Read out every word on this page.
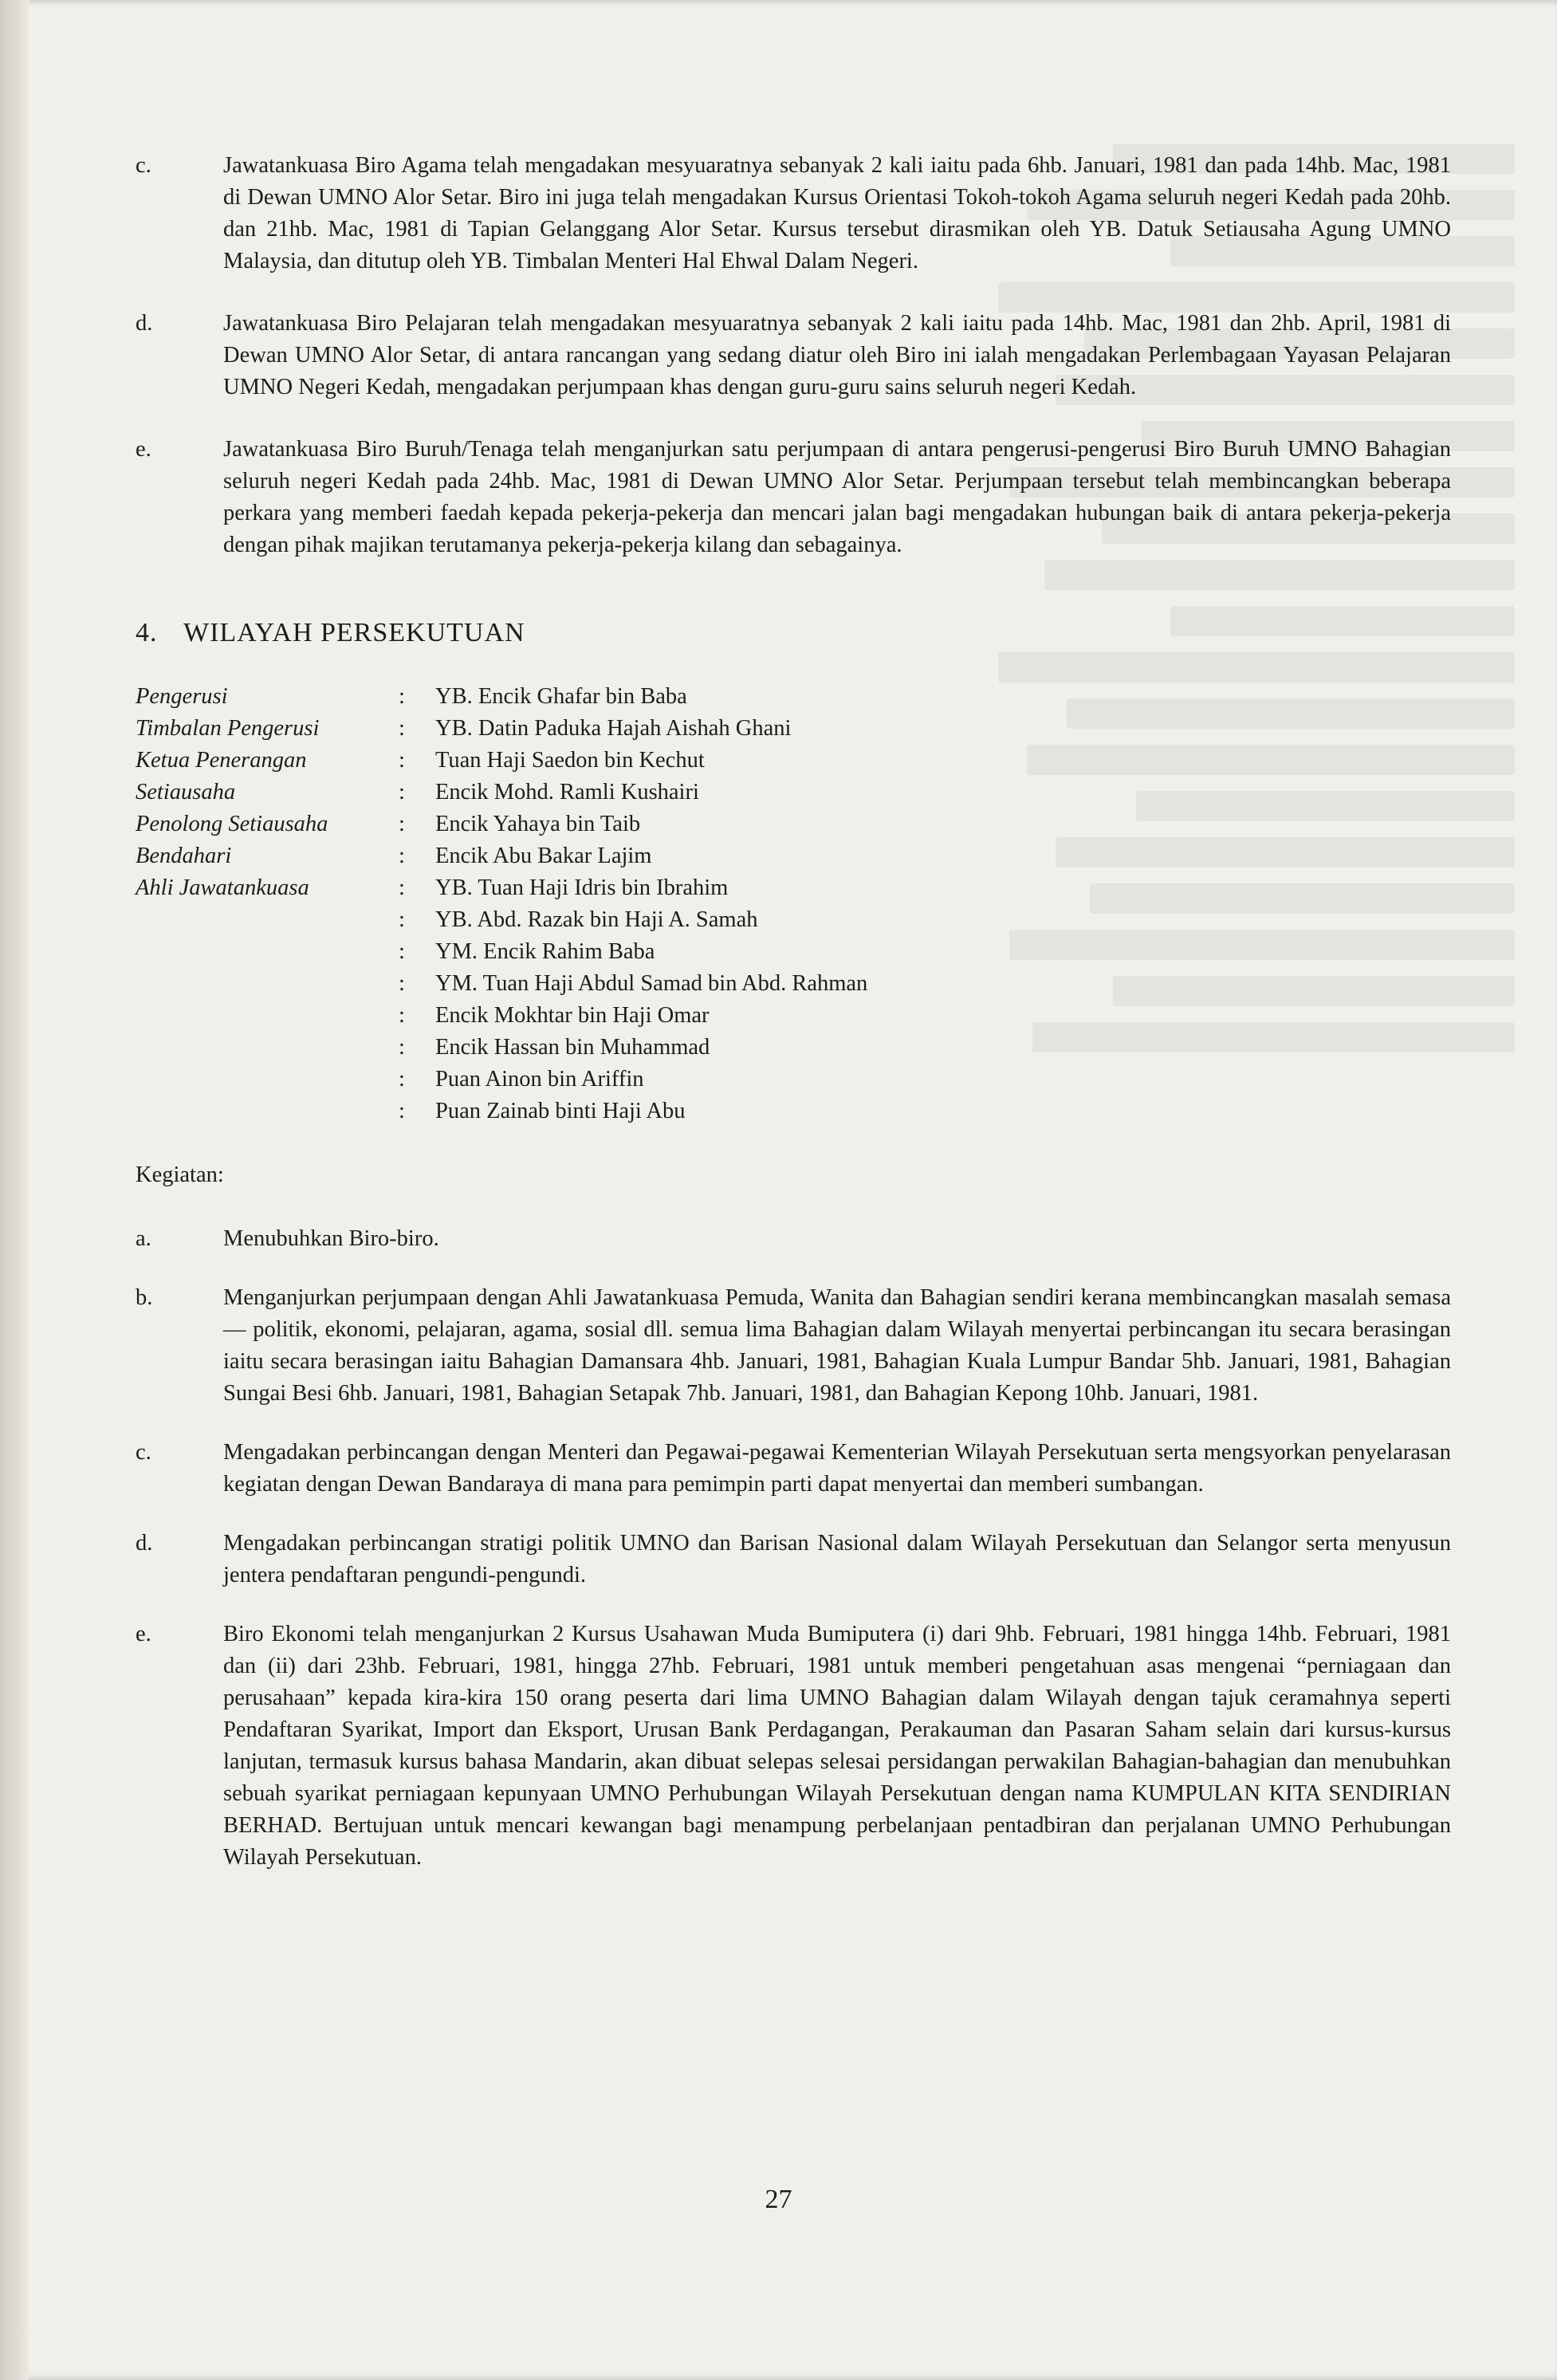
c.	Jawatankuasa Biro Agama telah mengadakan mesyuaratnya sebanyak 2 kali iaitu pada 6hb. Januari, 1981 dan pada 14hb. Mac, 1981 di Dewan UMNO Alor Setar. Biro ini juga telah mengadakan Kursus Orientasi Tokoh-tokoh Agama seluruh negeri Kedah pada 20hb. dan 21hb. Mac, 1981 di Tapian Gelanggang Alor Setar. Kursus tersebut dirasmikan oleh YB. Datuk Setiausaha Agung UMNO Malaysia, dan ditutup oleh YB. Timbalan Menteri Hal Ehwal Dalam Negeri.
d.	Jawatankuasa Biro Pelajaran telah mengadakan mesyuaratnya sebanyak 2 kali iaitu pada 14hb. Mac, 1981 dan 2hb. April, 1981 di Dewan UMNO Alor Setar, di antara rancangan yang sedang diatur oleh Biro ini ialah mengadakan Perlembagaan Yayasan Pelajaran UMNO Negeri Kedah, mengadakan perjumpaan khas dengan guru-guru sains seluruh negeri Kedah.
e.	Jawatankuasa Biro Buruh/Tenaga telah menganjurkan satu perjumpaan di antara pengerusi-pengerusi Biro Buruh UMNO Bahagian seluruh negeri Kedah pada 24hb. Mac, 1981 di Dewan UMNO Alor Setar. Perjumpaan tersebut telah membincangkan beberapa perkara yang memberi faedah kepada pekerja-pekerja dan mencari jalan bagi mengadakan hubungan baik di antara pekerja-pekerja dengan pihak majikan terutamanya pekerja-pekerja kilang dan sebagainya.
4. WILAYAH PERSEKUTUAN
Pengerusi	:	YB. Encik Ghafar bin Baba
Timbalan Pengerusi	:	YB. Datin Paduka Hajah Aishah Ghani
Ketua Penerangan	:	Tuan Haji Saedon bin Kechut
Setiausaha	:	Encik Mohd. Ramli Kushairi
Penolong Setiausaha	:	Encik Yahaya bin Taib
Bendahari	:	Encik Abu Bakar Lajim
Ahli Jawatankuasa	:	YB. Tuan Haji Idris bin Ibrahim
:	YB. Abd. Razak bin Haji A. Samah
:	YM. Encik Rahim Baba
:	YM. Tuan Haji Abdul Samad bin Abd. Rahman
:	Encik Mokhtar bin Haji Omar
:	Encik Hassan bin Muhammad
:	Puan Ainon bin Ariffin
:	Puan Zainab binti Haji Abu
Kegiatan:
a.	Menubuhkan Biro-biro.
b.	Menganjurkan perjumpaan dengan Ahli Jawatankuasa Pemuda, Wanita dan Bahagian sendiri kerana membincangkan masalah semasa — politik, ekonomi, pelajaran, agama, sosial dll. semua lima Bahagian dalam Wilayah menyertai perbincangan itu secara berasingan iaitu secara berasingan iaitu Bahagian Damansara 4hb. Januari, 1981, Bahagian Kuala Lumpur Bandar 5hb. Januari, 1981, Bahagian Sungai Besi 6hb. Januari, 1981, Bahagian Setapak 7hb. Januari, 1981, dan Bahagian Kepong 10hb. Januari, 1981.
c.	Mengadakan perbincangan dengan Menteri dan Pegawai-pegawai Kementerian Wilayah Persekutuan serta mengsyorkan penyelarasan kegiatan dengan Dewan Bandaraya di mana para pemimpin parti dapat menyertai dan memberi sumbangan.
d.	Mengadakan perbincangan stratigi politik UMNO dan Barisan Nasional dalam Wilayah Persekutuan dan Selangor serta menyusun jentera pendaftaran pengundi-pengundi.
e.	Biro Ekonomi telah menganjurkan 2 Kursus Usahawan Muda Bumiputera (i) dari 9hb. Februari, 1981 hingga 14hb. Februari, 1981 dan (ii) dari 23hb. Februari, 1981, hingga 27hb. Februari, 1981 untuk memberi pengetahuan asas mengenai “perniagaan dan perusahaan” kepada kira-kira 150 orang peserta dari lima UMNO Bahagian dalam Wilayah dengan tajuk ceramahnya seperti Pendaftaran Syarikat, Import dan Eksport, Urusan Bank Perdagangan, Perakauman dan Pasaran Saham selain dari kursus-kursus lanjutan, termasuk kursus bahasa Mandarin, akan dibuat selepas selesai persidangan perwakilan Bahagian-bahagian dan menubuhkan sebuah syarikat perniagaan kepunyaan UMNO Perhubungan Wilayah Persekutuan dengan nama KUMPULAN KITA SENDIRIAN BERHAD. Bertujuan untuk mencari kewangan bagi menampung perbelanjaan pentadbiran dan perjalanan UMNO Perhubungan Wilayah Persekutuan.
27
